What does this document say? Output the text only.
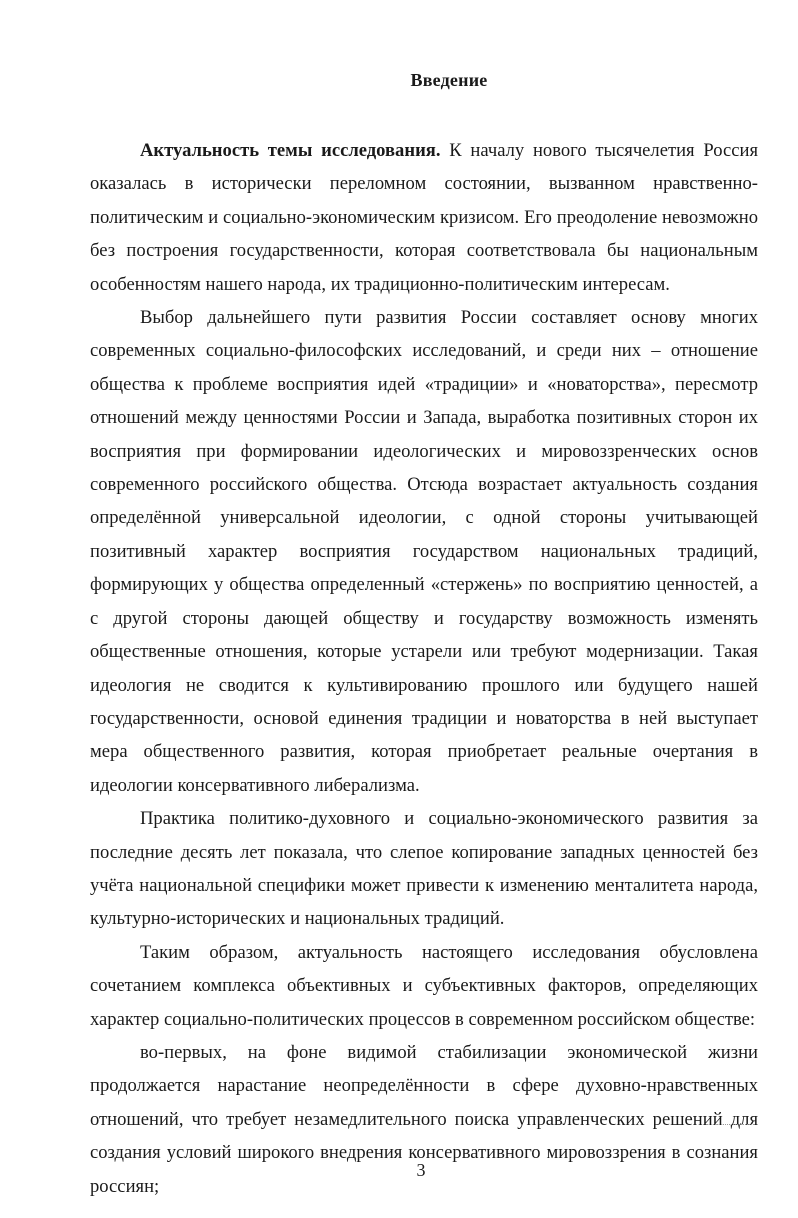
Введение

Актуальность темы исследования. К началу нового тысячелетия Россия оказалась в исторически переломном состоянии, вызванном нравственно-политическим и социально-экономическим кризисом. Его преодоление невозможно без построения государственности, которая соответствовала бы национальным особенностям нашего народа, их традиционно-политическим интересам.

Выбор дальнейшего пути развития России составляет основу многих современных социально-философских исследований, и среди них – отношение общества к проблеме восприятия идей «традиции» и «новаторства», пересмотр отношений между ценностями России и Запада, выработка позитивных сторон их восприятия при формировании идеологических и мировоззренческих основ современного российского общества. Отсюда возрастает актуальность создания определённой универсальной идеологии, с одной стороны учитывающей позитивный характер восприятия государством национальных традиций, формирующих у общества определенный «стержень» по восприятию ценностей, а с другой стороны дающей обществу и государству возможность изменять общественные отношения, которые устарели или требуют модернизации. Такая идеология не сводится к культивированию прошлого или будущего нашей государственности, основой единения традиции и новаторства в ней выступает мера общественного развития, которая приобретает реальные очертания в идеологии консервативного либерализма.

Практика политико-духовного и социально-экономического развития за последние десять лет показала, что слепое копирование западных ценностей без учёта национальной специфики может привести к изменению менталитета народа, культурно-исторических и национальных традиций.

Таким образом, актуальность настоящего исследования обусловлена сочетанием комплекса объективных и субъективных факторов, определяющих характер социально-политических процессов в современном российском обществе:

во-первых, на фоне видимой стабилизации экономической жизни продолжается нарастание неопределённости в сфере духовно-нравственных отношений, что требует незамедлительного поиска управленческих решений для создания условий широкого внедрения консервативного мировоззрения в сознания россиян;

3
